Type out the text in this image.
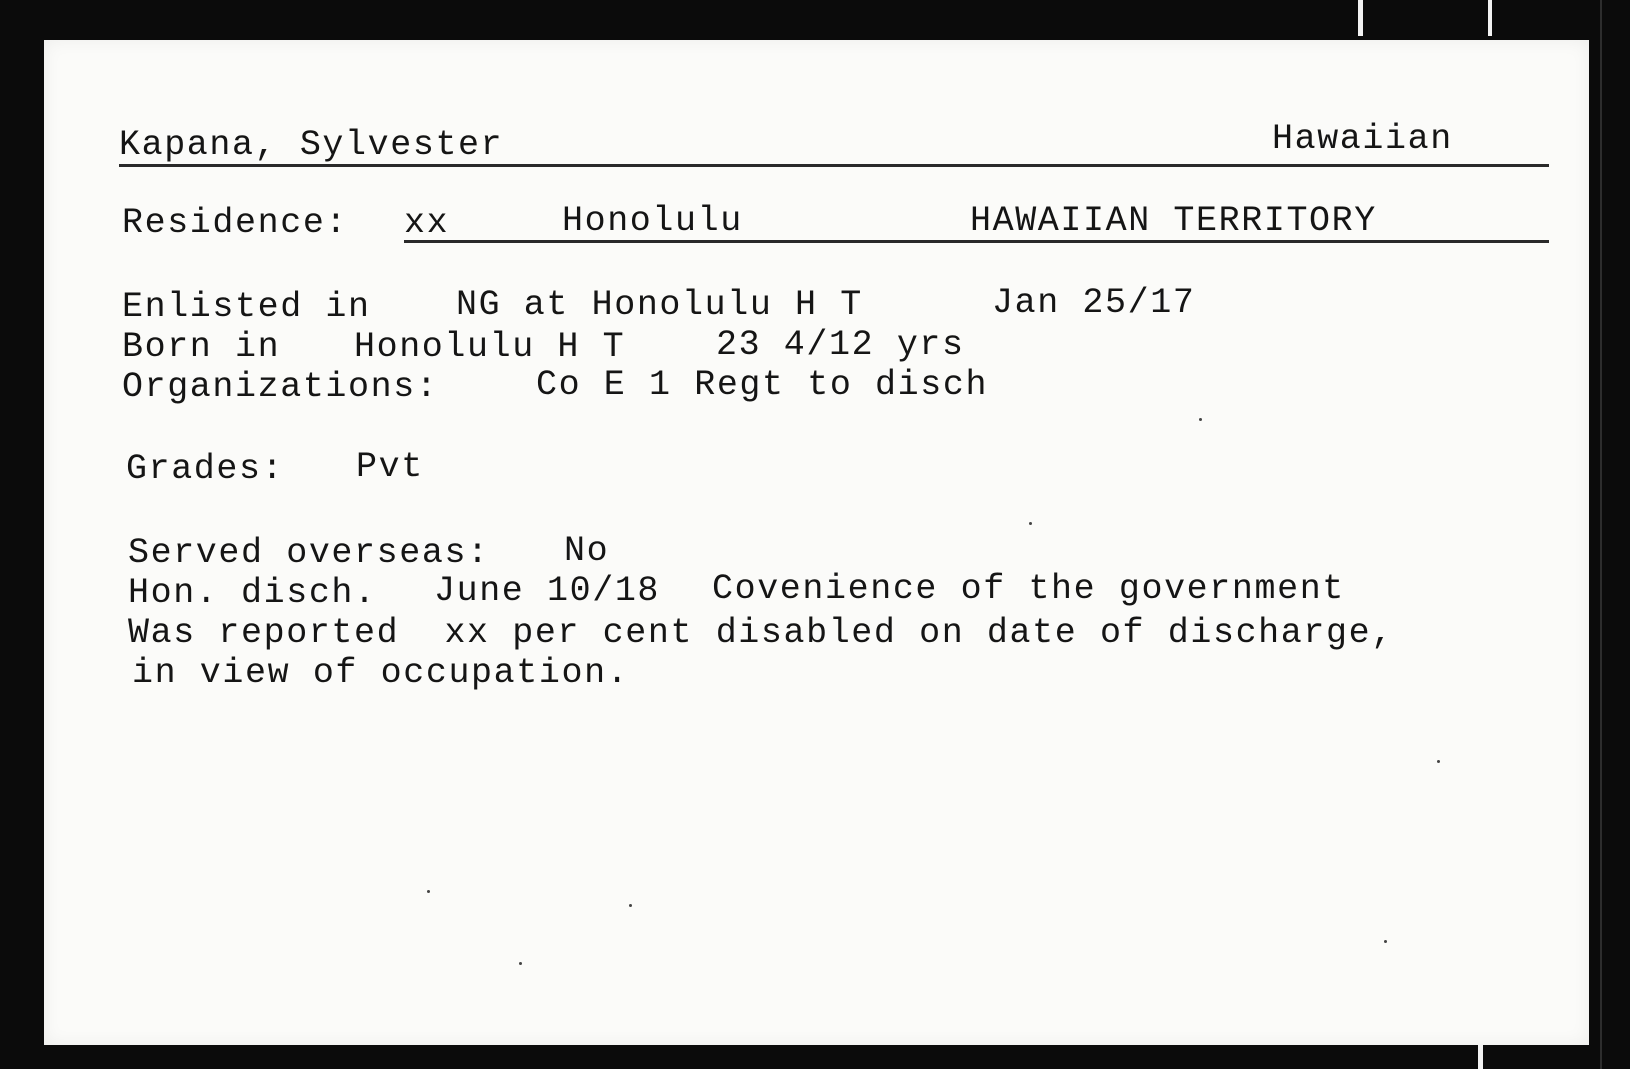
Kapana, Sylvester	Hawaiian
Residence: xx	Honolulu	HAWAIIAN TERRITORY
Enlisted in NG at Honolulu H T	Jan 25/17
Born in Honolulu H T	23 4/12 yrs
Organizations:	Co E 1 Regt to disch
Grades: Pvt
Served overseas: No
Hon. disch. June 10/18 Covenience of the government
Was reported  xx per cent disabled on date of discharge,
in view of occupation.
